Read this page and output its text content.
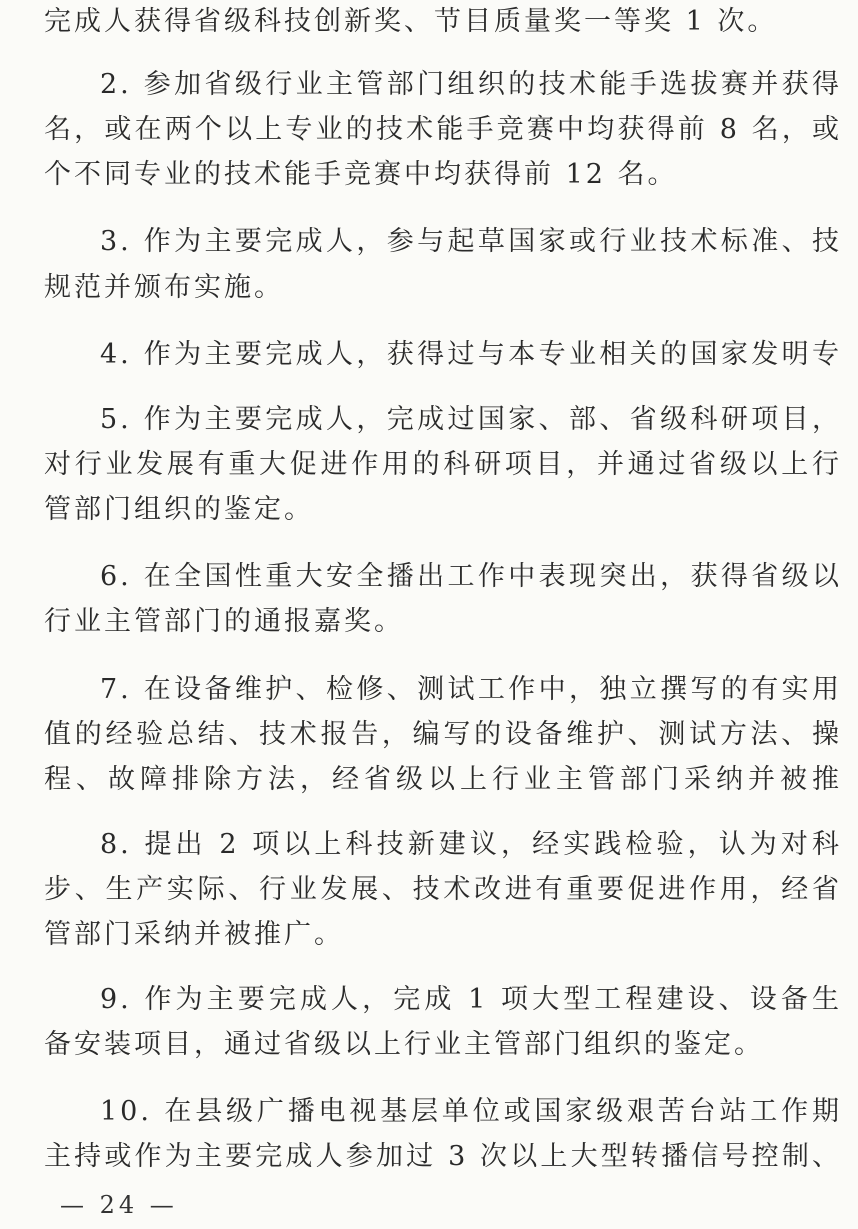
完成人获得省级科技创新奖、节目质量奖一等奖 1 次。
2. 参加省级行业主管部门组织的技术能手选拔赛并获得
名，或在两个以上专业的技术能手竞赛中均获得前 8 名，或
个不同专业的技术能手竞赛中均获得前 12 名。
3. 作为主要完成人，参与起草国家或行业技术标准、技
规范并颁布实施。
4. 作为主要完成人，获得过与本专业相关的国家发明专
5. 作为主要完成人，完成过国家、部、省级科研项目，
对行业发展有重大促进作用的科研项目，并通过省级以上行
管部门组织的鉴定。
6. 在全国性重大安全播出工作中表现突出，获得省级以
行业主管部门的通报嘉奖。
7. 在设备维护、检修、测试工作中，独立撰写的有实用
值的经验总结、技术报告，编写的设备维护、测试方法、操
程、故障排除方法，经省级以上行业主管部门采纳并被推
8. 提出 2 项以上科技新建议，经实践检验，认为对科
步、生产实际、行业发展、技术改进有重要促进作用，经省
管部门采纳并被推广。
9. 作为主要完成人，完成 1 项大型工程建设、设备生
备安装项目，通过省级以上行业主管部门组织的鉴定。
10. 在县级广播电视基层单位或国家级艰苦台站工作期
主持或作为主要完成人参加过 3 次以上大型转播信号控制、
— 24 —
